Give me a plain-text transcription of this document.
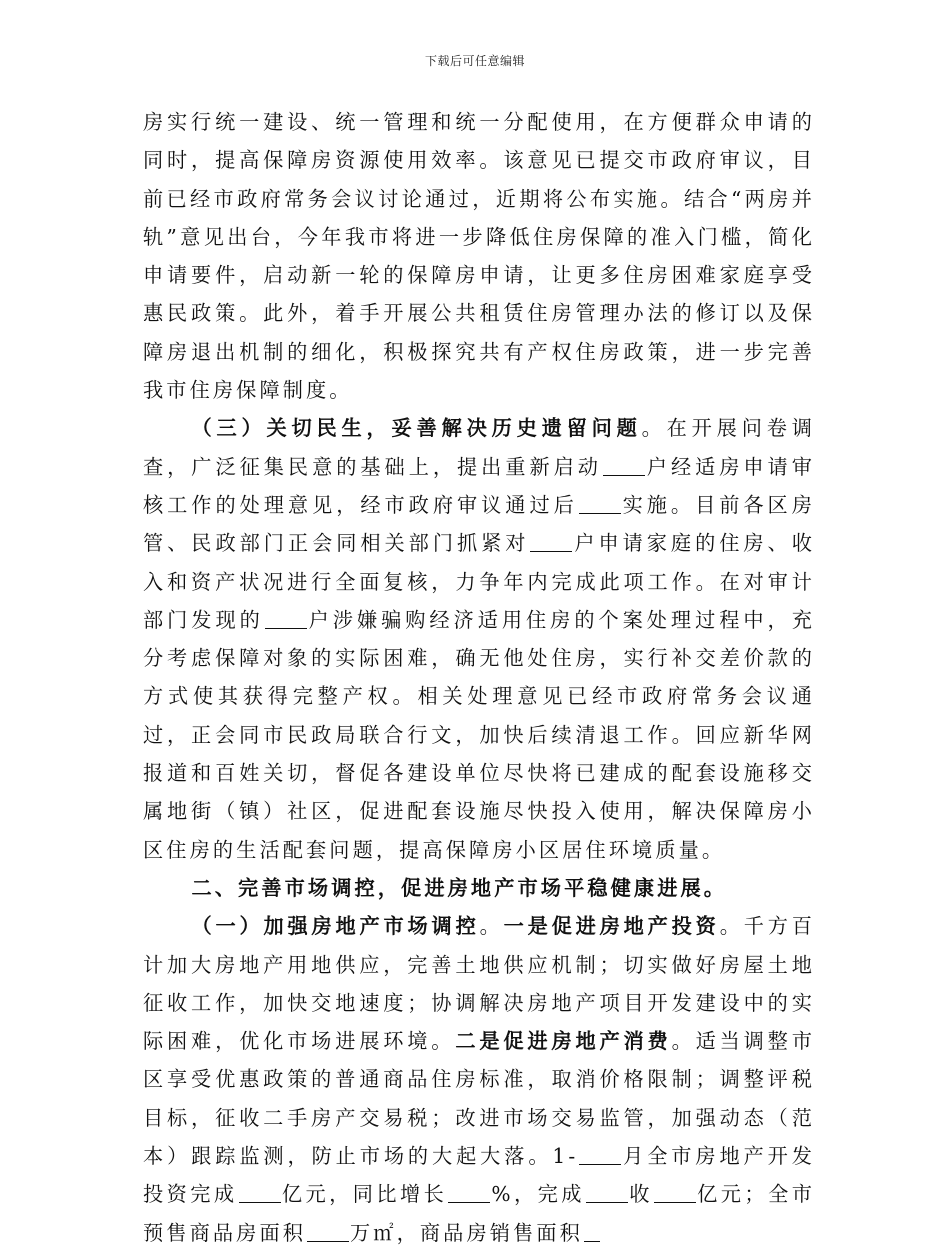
下载后可任意编辑

房实行统一建设、统一管理和统一分配使用，在方便群众申请的同时，提高保障房资源使用效率。该意见已提交市政府审议，目前已经市政府常务会议讨论通过，近期将公布实施。结合“两房并轨”意见出台，今年我市将进一步降低住房保障的准入门槛，简化申请要件，启动新一轮的保障房申请，让更多住房困难家庭享受惠民政策。此外，着手开展公共租赁住房管理办法的修订以及保障房退出机制的细化，积极探究共有产权住房政策，进一步完善我市住房保障制度。

（三）关切民生，妥善解决历史遗留问题。在开展问卷调查，广泛征集民意的基础上，提出重新启动 户经适房申请审核工作的处理意见，经市政府审议通过后 实施。目前各区房管、民政部门正会同相关部门抓紧对 户申请家庭的住房、收入和资产状况进行全面复核，力争年内完成此项工作。在对审计部门发现的 户涉嫌骗购经济适用住房的个案处理过程中，充分考虑保障对象的实际困难，确无他处住房，实行补交差价款的方式使其获得完整产权。相关处理意见已经市政府常务会议通过，正会同市民政局联合行文，加快后续清退工作。回应新华网报道和百姓关切，督促各建设单位尽快将已建成的配套设施移交属地街（镇）社区，促进配套设施尽快投入使用，解决保障房小区住房的生活配套问题，提高保障房小区居住环境质量。

二、完善市场调控，促进房地产市场平稳健康进展。

（一）加强房地产市场调控。一是促进房地产投资。千方百计加大房地产用地供应，完善土地供应机制；切实做好房屋土地征收工作，加快交地速度；协调解决房地产项目开发建设中的实际困难，优化市场进展环境。二是促进房地产消费。适当调整市区享受优惠政策的普通商品住房标准，取消价格限制；调整评税目标，征收二手房产交易税；改进市场交易监管，加强动态（范本）跟踪监测，防止市场的大起大落。1- 月全市房地产开发投资完成 亿元，同比增长 %，完成 收 亿元；全市预售商品房面积 万㎡，商品房销售面积
